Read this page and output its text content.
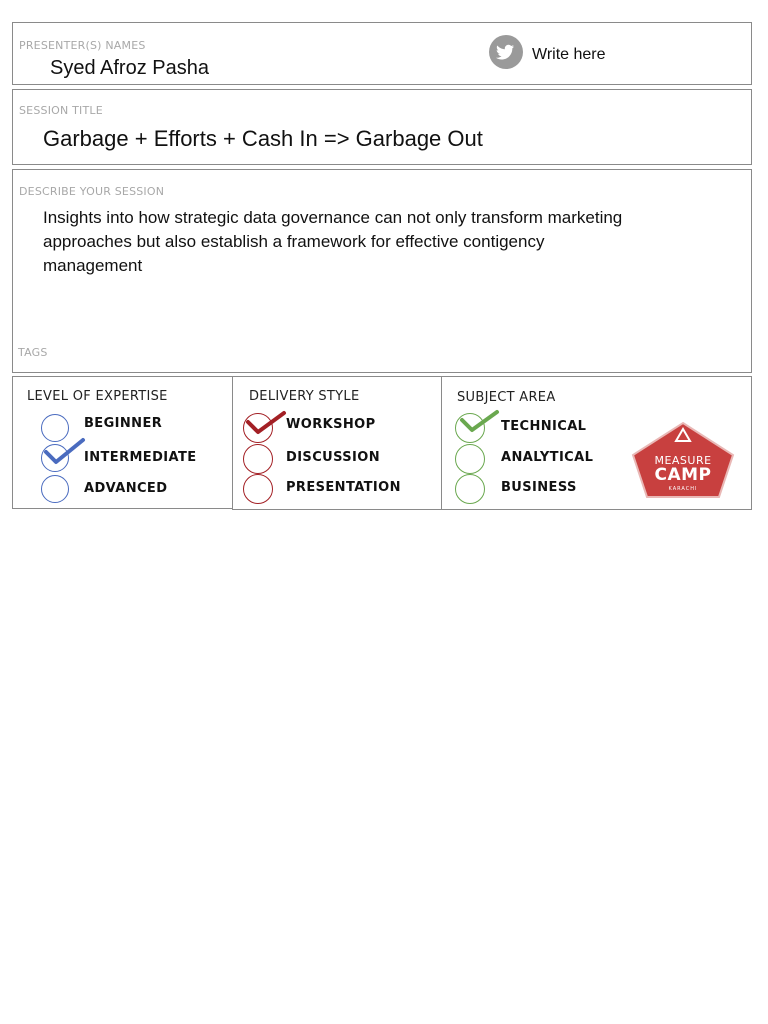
PRESENTER(S) NAMES
Syed Afroz Pasha
Write here
SESSION TITLE
Garbage + Efforts + Cash In => Garbage Out
DESCRIBE YOUR SESSION
Insights into how strategic data governance can not only transform marketing approaches but also establish a framework for effective contigency management
TAGS
LEVEL OF EXPERTISE
BEGINNER
INTERMEDIATE
ADVANCED
DELIVERY STYLE
WORKSHOP
DISCUSSION
PRESENTATION
SUBJECT AREA
TECHNICAL
ANALYTICAL
BUSINESS
MEASURE
CAMP
KARACHI
